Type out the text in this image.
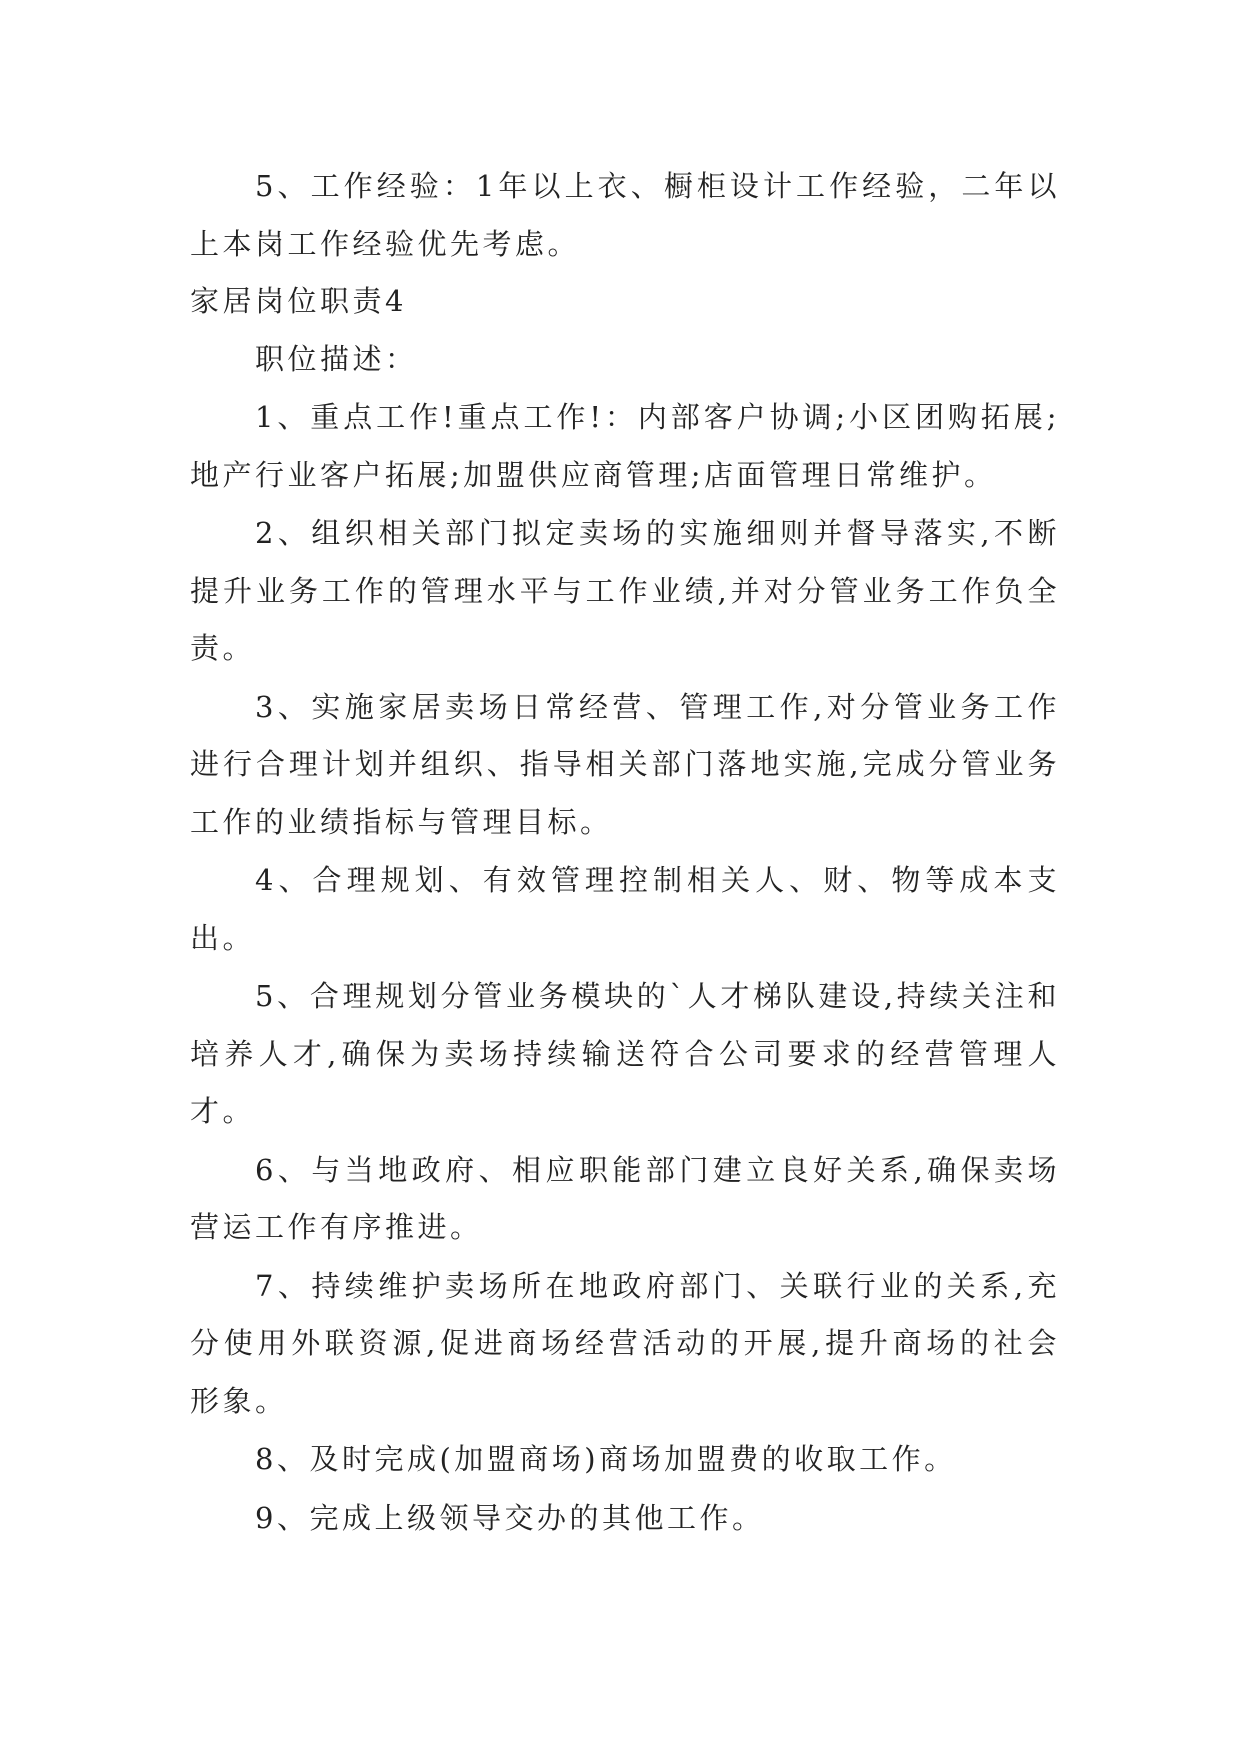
5、工作经验：1年以上衣、橱柜设计工作经验，二年以上本岗工作经验优先考虑。

家居岗位职责4

职位描述：

1、重点工作!重点工作!：内部客户协调;小区团购拓展;地产行业客户拓展;加盟供应商管理;店面管理日常维护。

2、组织相关部门拟定卖场的实施细则并督导落实,不断提升业务工作的管理水平与工作业绩,并对分管业务工作负全责。

3、实施家居卖场日常经营、管理工作,对分管业务工作进行合理计划并组织、指导相关部门落地实施,完成分管业务工作的业绩指标与管理目标。

4、合理规划、有效管理控制相关人、财、物等成本支出。

5、合理规划分管业务模块的`人才梯队建设,持续关注和培养人才,确保为卖场持续输送符合公司要求的经营管理人才。

6、与当地政府、相应职能部门建立良好关系,确保卖场营运工作有序推进。

7、持续维护卖场所在地政府部门、关联行业的关系,充分使用外联资源,促进商场经营活动的开展,提升商场的社会形象。

8、及时完成(加盟商场)商场加盟费的收取工作。

9、完成上级领导交办的其他工作。
